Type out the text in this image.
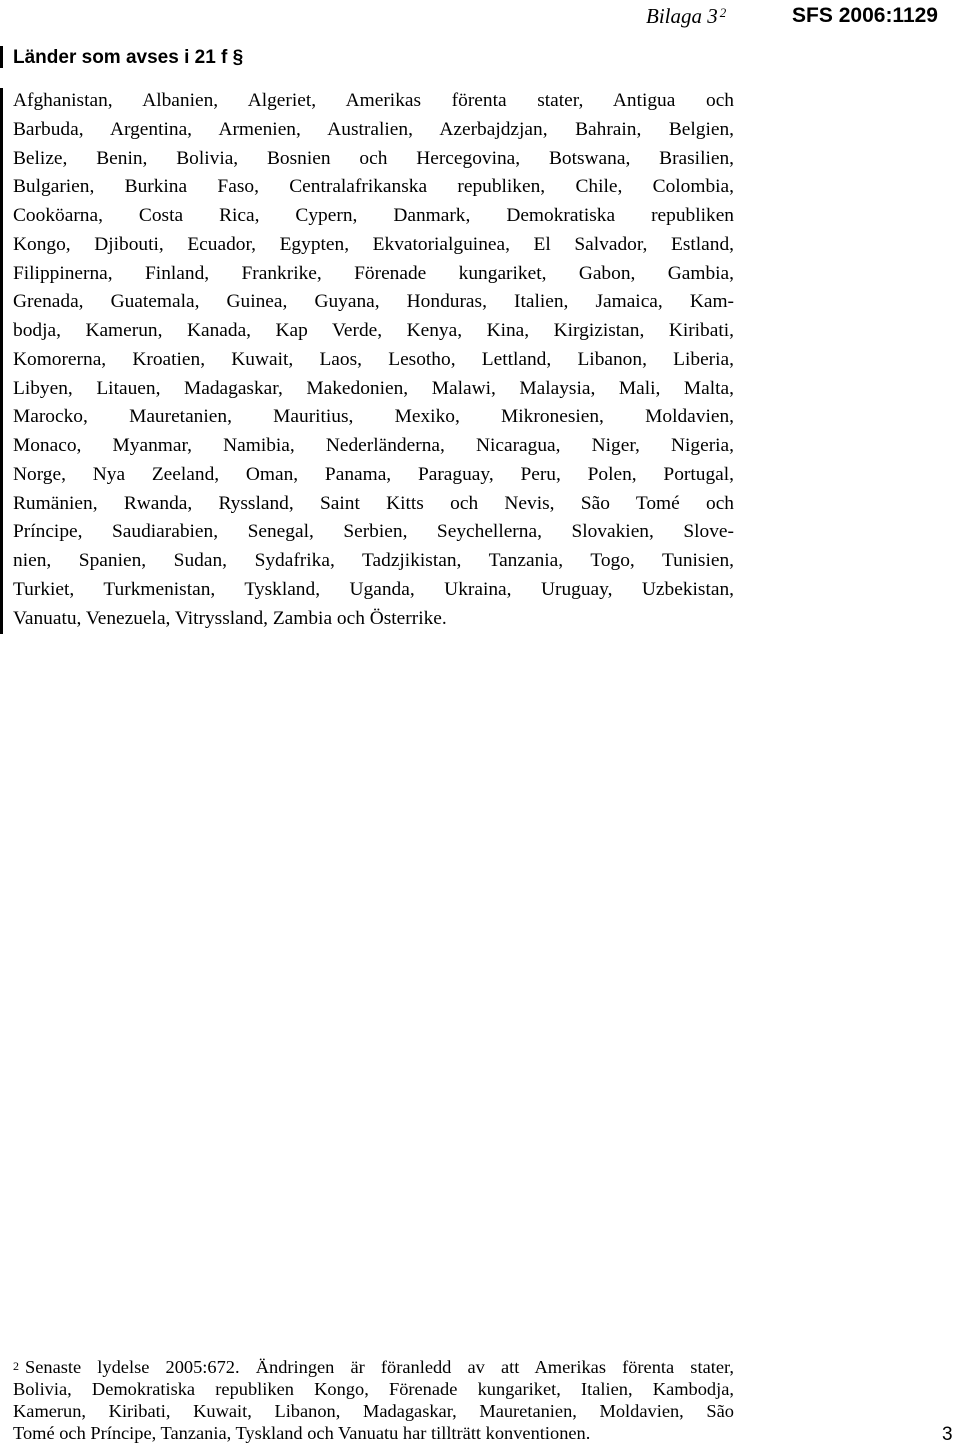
Bilaga 3 $^2$	SFS 2006:1129
Länder som avses i 21 f §
Afghanistan, Albanien, Algeriet, Amerikas förenta stater, Antigua och
Barbuda, Argentina, Armenien, Australien, Azerbajdzjan, Bahrain, Belgien,
Belize, Benin, Bolivia, Bosnien och Hercegovina, Botswana, Brasilien,
Bulgarien, Burkina Faso, Centralafrikanska republiken, Chile, Colombia,
Cooköarna, Costa Rica, Cypern, Danmark, Demokratiska republiken
Kongo, Djibouti, Ecuador, Egypten, Ekvatorialguinea, El Salvador, Estland,
Filippinerna, Finland, Frankrike, Förenade kungariket, Gabon, Gambia,
Grenada, Guatemala, Guinea, Guyana, Honduras, Italien, Jamaica, Kam-
bodja, Kamerun, Kanada, Kap Verde, Kenya, Kina, Kirgizistan, Kiribati,
Komorerna, Kroatien, Kuwait, Laos, Lesotho, Lettland, Libanon, Liberia,
Libyen, Litauen, Madagaskar, Makedonien, Malawi, Malaysia, Mali, Malta,
Marocko, Mauretanien, Mauritius, Mexiko, Mikronesien, Moldavien,
Monaco, Myanmar, Namibia, Nederländerna, Nicaragua, Niger, Nigeria,
Norge, Nya Zeeland, Oman, Panama, Paraguay, Peru, Polen, Portugal,
Rumänien, Rwanda, Ryssland, Saint Kitts och Nevis, São Tomé och
Príncipe, Saudiarabien, Senegal, Serbien, Seychellerna, Slovakien, Slove-
nien, Spanien, Sudan, Sydafrika, Tadzjikistan, Tanzania, Togo, Tunisien,
Turkiet, Turkmenistan, Tyskland, Uganda, Ukraina, Uruguay, Uzbekistan,
Vanuatu, Venezuela, Vitryssland, Zambia och Österrike.
$^2$ Senaste lydelse 2005:672. Ändringen är föranledd av att Amerikas förenta stater,
Bolivia, Demokratiska republiken Kongo, Förenade kungariket, Italien, Kambodja,
Kamerun, Kiribati, Kuwait, Libanon, Madagaskar, Mauretanien, Moldavien, São
Tomé och Príncipe, Tanzania, Tyskland och Vanuatu har tillträtt konventionen.	3
